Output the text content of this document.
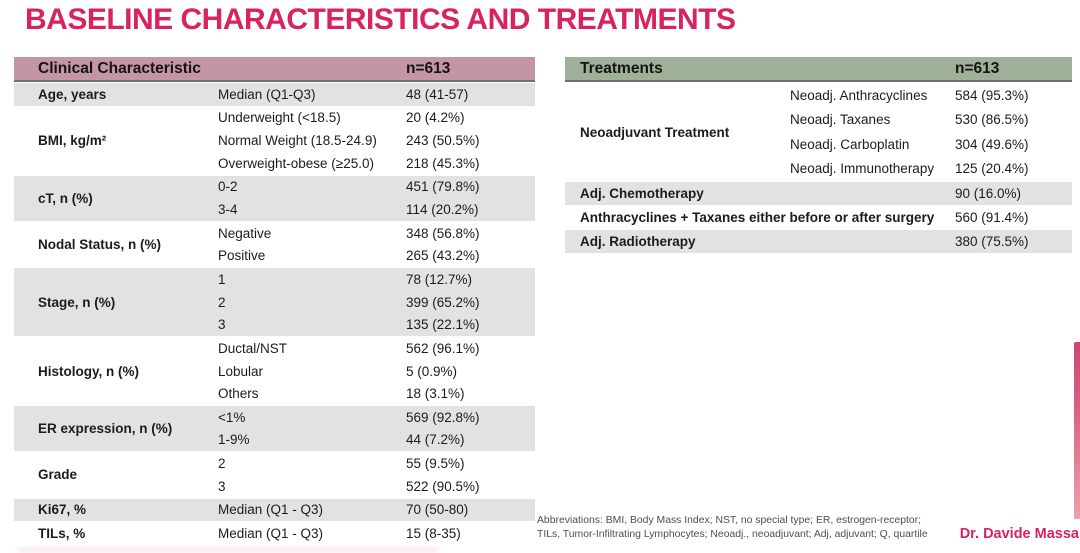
BASELINE CHARACTERISTICS AND TREATMENTS
Clinical Characteristic	n=613
Age, years	Median (Q1-Q3)	48 (41-57)
BMI, kg/m²
Underweight (<18.5)	20 (4.2%)
Normal Weight (18.5-24.9)	243 (50.5%)
Overweight-obese (≥25.0)	218 (45.3%)
cT, n (%)
0-2	451 (79.8%)
3-4	114 (20.2%)
Nodal Status, n (%)
Negative	348 (56.8%)
Positive	265 (43.2%)
Stage, n (%)
1	78 (12.7%)
2	399 (65.2%)
3	135 (22.1%)
Histology, n (%)
Ductal/NST	562 (96.1%)
Lobular	5 (0.9%)
Others	18 (3.1%)
ER expression, n (%)
<1%	569 (92.8%)
1-9%	44 (7.2%)
Grade
2	55 (9.5%)
3	522 (90.5%)
Ki67, %	Median (Q1 - Q3)	70 (50-80)
TILs, %	Median (Q1 - Q3)	15 (8-35)
Treatments	n=613
Neoadjuvant Treatment
Neoadj. Anthracyclines	584 (95.3%)
Neoadj. Taxanes	530 (86.5%)
Neoadj. Carboplatin	304 (49.6%)
Neoadj. Immunotherapy	125 (20.4%)
Adj. Chemotherapy	90 (16.0%)
Anthracyclines + Taxanes either before or after surgery	560 (91.4%)
Adj. Radiotherapy	380 (75.5%)
Abbreviations: BMI, Body Mass Index; NST, no special type; ER, estrogen-receptor;
TILs, Tumor-Infiltrating Lymphocytes; Neoadj., neoadjuvant; Adj, adjuvant; Q, quartile Dr. Davide Massa
